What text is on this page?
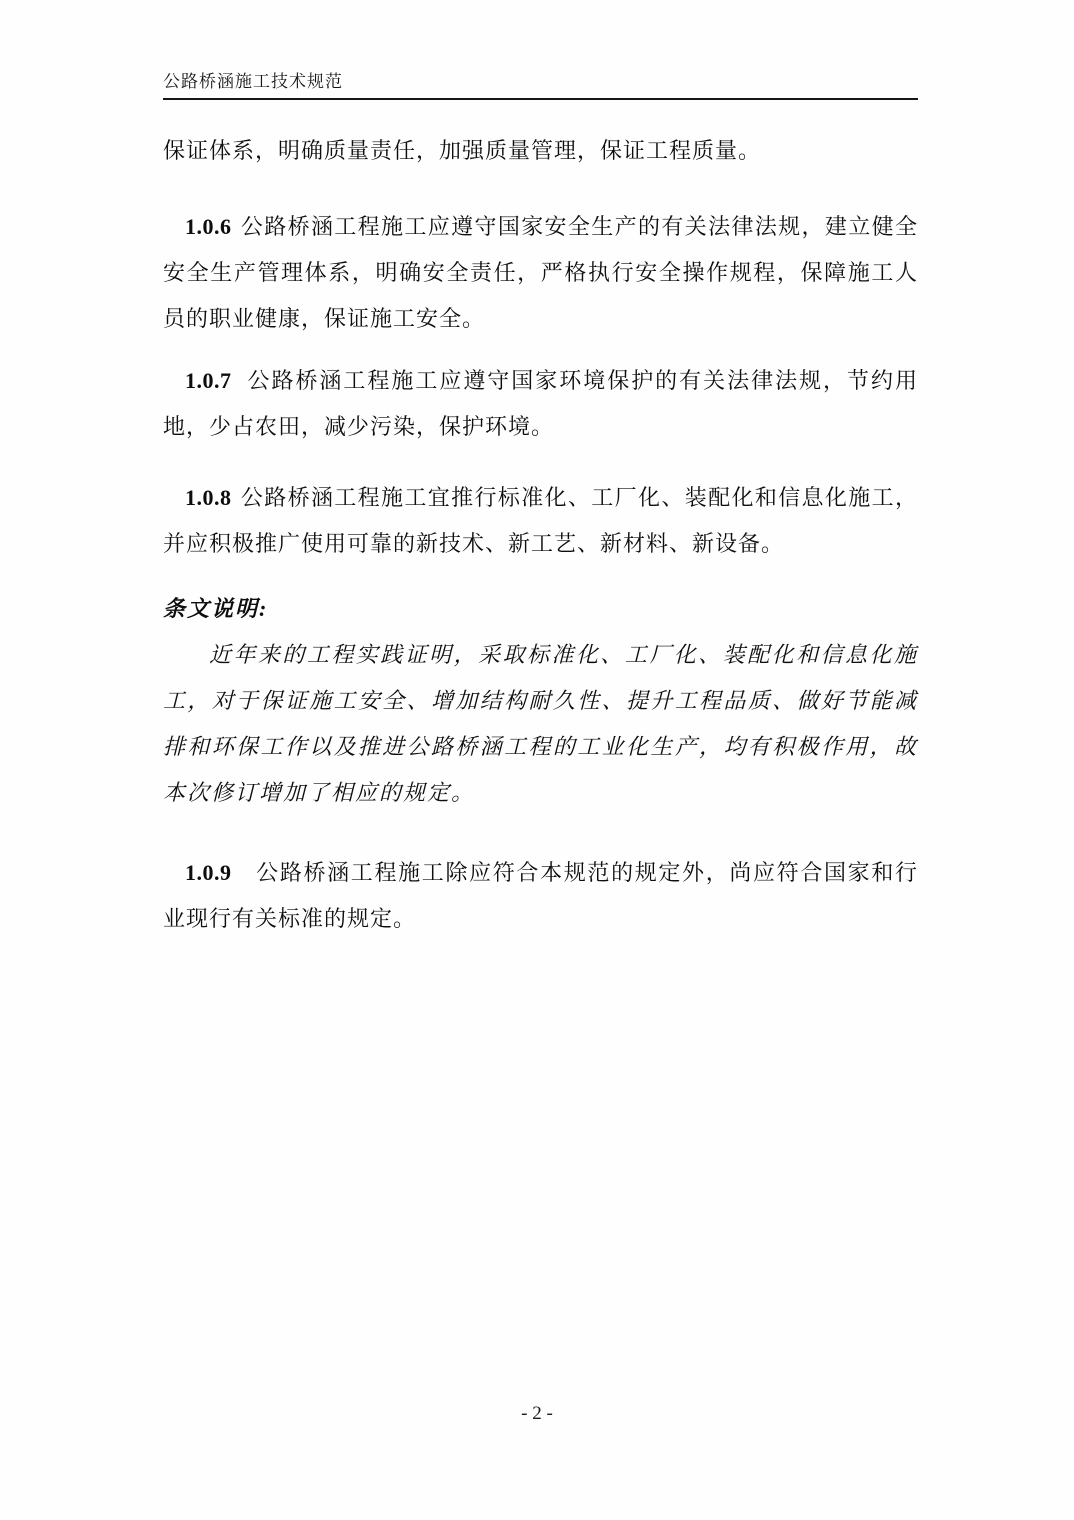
公路桥涵施工技术规范

保证体系，明确质量责任，加强质量管理，保证工程质量。

1.0.6 公路桥涵工程施工应遵守国家安全生产的有关法律法规，建立健全安全生产管理体系，明确安全责任，严格执行安全操作规程，保障施工人员的职业健康，保证施工安全。

1.0.7 公路桥涵工程施工应遵守国家环境保护的有关法律法规，节约用地，少占农田，减少污染，保护环境。

1.0.8 公路桥涵工程施工宜推行标准化、工厂化、装配化和信息化施工，并应积极推广使用可靠的新技术、新工艺、新材料、新设备。

条文说明:

近年来的工程实践证明，采取标准化、工厂化、装配化和信息化施工，对于保证施工安全、增加结构耐久性、提升工程品质、做好节能减排和环保工作以及推进公路桥涵工程的工业化生产，均有积极作用，故本次修订增加了相应的规定。

1.0.9 公路桥涵工程施工除应符合本规范的规定外，尚应符合国家和行业现行有关标准的规定。

- 2 -
